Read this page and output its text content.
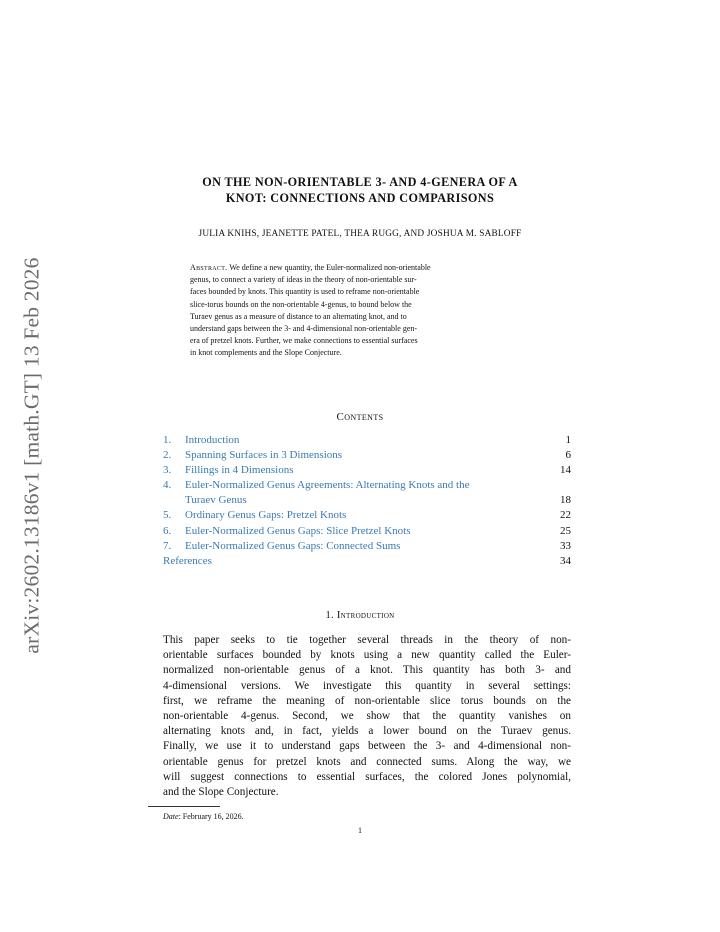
arXiv:2602.13186v1 [math.GT] 13 Feb 2026
ON THE NON-ORIENTABLE 3- AND 4-GENERA OF A
KNOT: CONNECTIONS AND COMPARISONS
JULIA KNIHS, JEANETTE PATEL, THEA RUGG, AND JOSHUA M. SABLOFF
Abstract. We define a new quantity, the Euler-normalized non-orientable
genus, to connect a variety of ideas in the theory of non-orientable sur-
faces bounded by knots. This quantity is used to reframe non-orientable
slice-torus bounds on the non-orientable 4-genus, to bound below the
Turaev genus as a measure of distance to an alternating knot, and to
understand gaps between the 3- and 4-dimensional non-orientable gen-
era of pretzel knots. Further, we make connections to essential surfaces
in knot complements and the Slope Conjecture.
Contents
1.	Introduction	1
2.	Spanning Surfaces in 3 Dimensions	6
3.	Fillings in 4 Dimensions	14
4.	Euler-Normalized Genus Agreements: Alternating Knots and the
Turaev Genus	18
5.	Ordinary Genus Gaps: Pretzel Knots	22
6.	Euler-Normalized Genus Gaps: Slice Pretzel Knots	25
7.	Euler-Normalized Genus Gaps: Connected Sums	33
References	34
1. Introduction
This paper seeks to tie together several threads in the theory of non-
orientable surfaces bounded by knots using a new quantity called the Euler-
normalized non-orientable genus of a knot. This quantity has both 3- and
4-dimensional versions. We investigate this quantity in several settings:
first, we reframe the meaning of non-orientable slice torus bounds on the
non-orientable 4-genus. Second, we show that the quantity vanishes on
alternating knots and, in fact, yields a lower bound on the Turaev genus.
Finally, we use it to understand gaps between the 3- and 4-dimensional non-
orientable genus for pretzel knots and connected sums. Along the way, we
will suggest connections to essential surfaces, the colored Jones polynomial,
and the Slope Conjecture.
Date: February 16, 2026.
1
